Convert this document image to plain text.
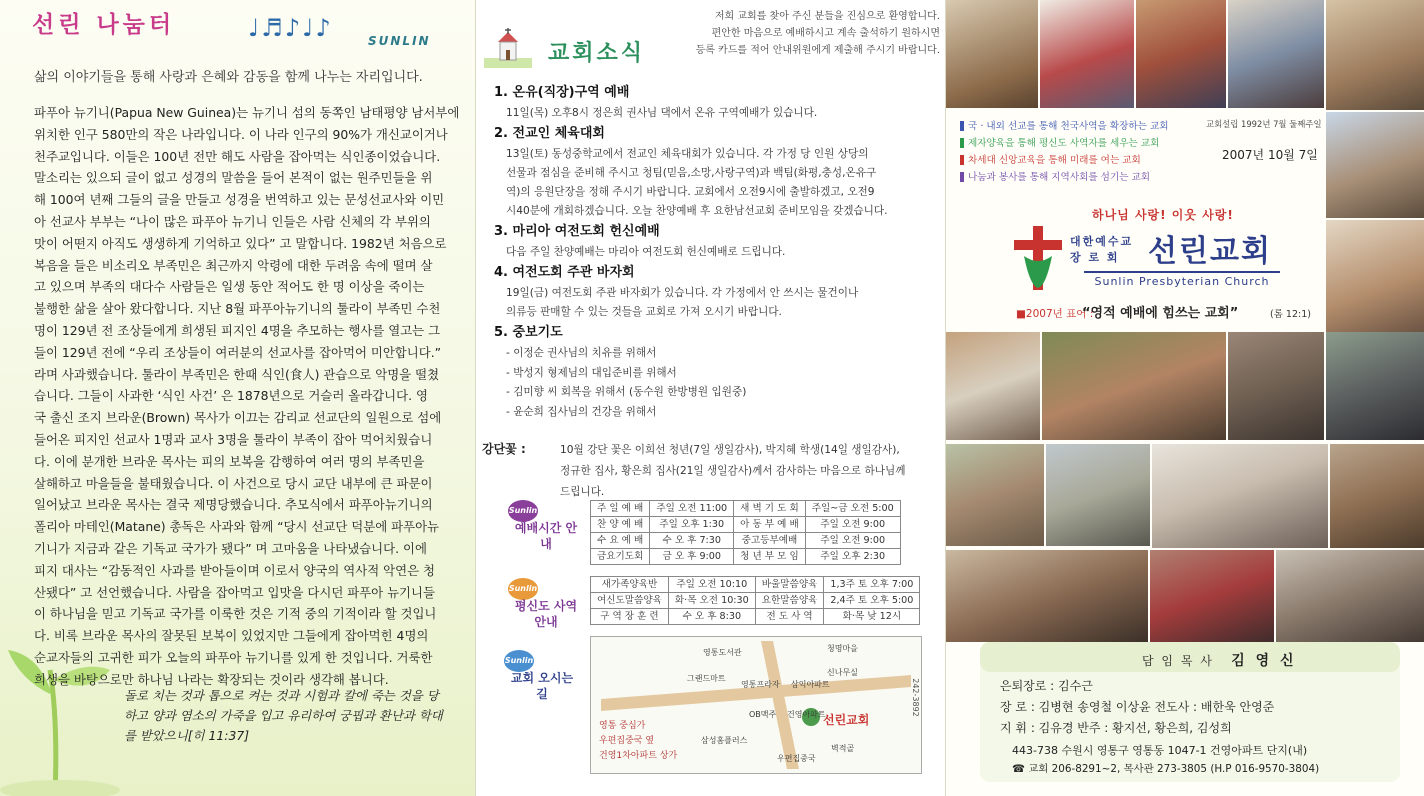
선린 나눔터	♩♬♪♩♪	SUNLIN
삶의 이야기들을 통해 사랑과 은혜와 감동을 함께 나누는 자리입니다.
파푸아 뉴기니(Papua New Guinea)는 뉴기니 섬의 동쪽인 남태평양 남서부에
위치한 인구 580만의 작은 나라입니다. 이 나라 인구의 90%가 개신교이거나
천주교입니다. 이들은 100년 전만 해도 사람을 잡아먹는 식인종이었습니다.
말소리는 있으되 글이 없고 성경의 말씀을 들어 본적이 없는 원주민들을 위
해 100여 년째 그들의 글을 만들고 성경을 번역하고 있는 문성선교사와 이민
아 선교사 부부는 “나이 많은 파푸아 뉴기니 인들은 사람 신체의 각 부위의
맛이 어떤지 아직도 생생하게 기억하고 있다” 고 말합니다. 1982년 처음으로
복음을 들은 비소리오 부족민은 최근까지 악령에 대한 두려움 속에 떨며 살
고 있으며 부족의 대다수 사람들은 일생 동안 적어도 한 명 이상을 죽이는
불행한 삶을 살아 왔다합니다. 지난 8월 파푸아뉴기니의 툴라이 부족민 수천
명이 129년 전 조상들에게 희생된 피지인 4명을 추모하는 행사를 열고는 그
들이 129년 전에 “우리 조상들이 여러분의 선교사를 잡아먹어 미안합니다.”
라며 사과했습니다. 툴라이 부족민은 한때 식인(食人) 관습으로 악명을 떨쳤
습니다. 그들이 사과한 ‘식인 사건’ 은 1878년으로 거슬러 올라갑니다. 영
국 출신 조지 브라운(Brown) 목사가 이끄는 감리교 선교단의 일원으로 섬에
들어온 피지인 선교사 1명과 교사 3명을 툴라이 부족이 잡아 먹어치웠습니
다. 이에 분개한 브라운 목사는 피의 보복을 감행하여 여러 명의 부족민을
살해하고 마을들을 불태웠습니다. 이 사건으로 당시 교단 내부에 큰 파문이
일어났고 브라운 목사는 결국 제명당했습니다. 추모식에서 파푸아뉴기니의
폴리아 마테인(Matane) 총독은 사과와 함께 “당시 선교단 덕분에 파푸아뉴
기니가 지금과 같은 기독교 국가가 됐다” 며 고마움을 나타냈습니다. 이에
피지 대사는 “감동적인 사과를 받아들이며 이로서 양국의 역사적 악연은 청
산됐다” 고 선언했습니다. 사람을 잡아먹고 입맛을 다시던 파푸아 뉴기니들
이 하나님을 믿고 기독교 국가를 이룩한 것은 기적 중의 기적이라 할 것입니
다. 비록 브라운 목사의 잘못된 보복이 있었지만 그들에게 잡아먹힌 4명의
순교자들의 고귀한 피가 오늘의 파푸아 뉴기니를 있게 한 것입니다. 거룩한
희생을 바탕으로만 하나님 나라는 확장되는 것이라 생각해 봅니다.
돌로 치는 것과 톱으로 켜는 것과 시험과 칼에 죽는 것을 당
하고 양과 염소의 가죽을 입고 유리하여 궁핍과 환난과 학대
를 받았으니[히 11:37]
교회소식
저희 교회를 찾아 주신 분들을 진심으로 환영합니다.
편안한 마음으로 예배하시고 계속 출석하기 원하시면
등록 카드를 적어 안내위원에게 제출해 주시기 바랍니다.
1. 온유(직장)구역 예배
11일(목) 오후8시 정은희 권사님 댁에서 온유 구역예배가 있습니다.
2. 전교인 체육대회
13일(토) 동성중학교에서 전교인 체육대회가 있습니다. 각 가정 당 인원 상당의
선물과 점심을 준비해 주시고 청팀(믿음,소망,사랑구역)과 백팀(화평,충성,온유구
역)의 응원단장을 정해 주시기 바랍니다. 교회에서 오전9시에 출발하겠고, 오전9
시40분에 개회하겠습니다. 오늘 찬양예배 후 요한남선교회 준비모임을 갖겠습니다.
3. 마리아 여전도회 헌신예배
다음 주일 찬양예배는 마리아 여전도회 헌신예배로 드립니다.
4. 여전도회 주관 바자회
19일(금) 여전도회 주관 바자회가 있습니다. 각 가정에서 안 쓰시는 물건이나
의류등 판매할 수 있는 것들을 교회로 가져 오시기 바랍니다.
5. 중보기도
- 이정순 권사님의 치유를 위해서
- 박성지 형제님의 대입준비를 위해서
- 김미향 씨 회복을 위해서 (동수원 한방병원 입원중)
- 윤순희 집사님의 건강을 위해서
강단꽃 :	10월 강단 꽃은 이희선 청년(7일 생일감사), 박지혜 학생(14일 생일감사),
정규한 집사, 황은희 집사(21일 생일감사)께서 감사하는 마음으로 하나님께
드립니다.
Sunlin
예배시간 안내
Sunlin
평신도 사역 안내
Sunlin
교회 오시는 길
주 일 예 배	주일 오전 11:00	새 벽 기 도 회	주일~금 오전 5:00
찬 양 예 배	주일 오후 1:30	아 동 부 예 배	주일 오전 9:00
수 요 예 배	수 오 후 7:30	중고등부예배	주일 오전 9:00
금요기도회	금 오 후 9:00	청 년 부 모 임	주일 오후 2:30
새가족양육반	주일 오전 10:10	바울말씀양육	1,3주 토 오후 7:00
여신도말씀양육	화·목 오전 10:30	요한말씀양육	2,4주 토 오후 5:00
구 역 장 훈 련	수 오 후 8:30	전 도 사 역	화·목 낮 12시
영통도서관
그랜드마트
영통프라자 삼익아파트
OB맥주 건영아파트
삼성홈플러스
우편집중국
청명마을
신나무실
벽적골
선린교회
영통 중심가
우편집중국 옆
건영1차아파트 상가
242-3892
국 · 내외 선교를 통해 천국사역을 확장하는 교회
제자양육을 통해 평신도 사역자를 세우는 교회
차세대 신앙교육을 통해 미래를 여는 교회
나눔과 봉사를 통해 지역사회를 섬기는 교회
교회설립 1992년 7월 둘째주일
2007년 10월 7일
하나님 사랑! 이웃 사랑!
대한예수교
장 로 회 선린교회
Sunlin Presbyterian Church
■2007년 표어 :
“영적 예배에 힘쓰는 교회”	(롬 12:1)
담 임 목 사 김 영 신
은퇴장로 : 김수근
장 로 : 김병현 송영철 이상윤 전도사 : 배한욱 안영준
지 휘 : 김유경 반주 : 황지선, 황은희, 김성희
443-738 수원시 영통구 영통동 1047-1 건영아파트 단지(내)
☎ 교회 206-8291~2, 목사관 273-3805 (H.P 016-9570-3804)
